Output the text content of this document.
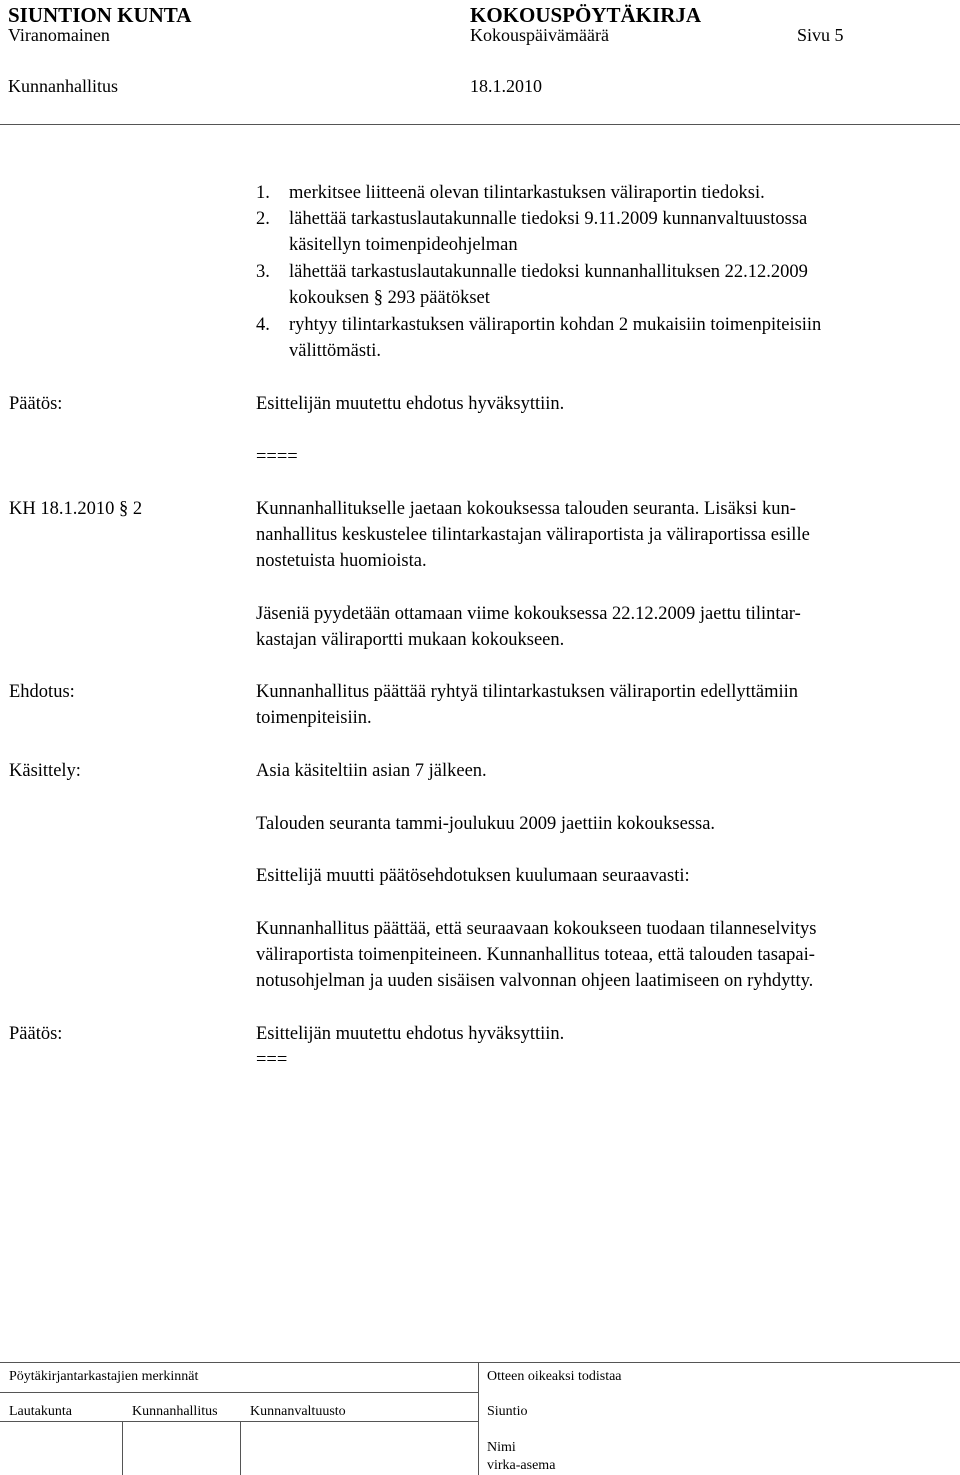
SIUNTION KUNTA	KOKOUSPÖYTÄKIRJA
Viranomainen	Kokouspäivämäärä	Sivu 5
Kunnanhallitus	18.1.2010
1. merkitsee liitteenä olevan tilintarkastuksen väliraportin tiedoksi.
2. lähettää tarkastuslautakunnalle tiedoksi 9.11.2009 kunnanvaltuustossa
käsitellyn toimenpideohjelman
3. lähettää tarkastuslautakunnalle tiedoksi kunnanhallituksen 22.12.2009
kokouksen § 293 päätökset
4. ryhtyy tilintarkastuksen väliraportin kohdan 2 mukaisiin toimenpiteisiin
välittömästi.
Päätös:	Esittelijän muutettu ehdotus hyväksyttiin.
====
KH 18.1.2010 § 2	Kunnanhallitukselle jaetaan kokouksessa talouden seuranta. Lisäksi kun-
nanhallitus keskustelee tilintarkastajan väliraportista ja väliraportissa esille
nostetuista huomioista.
Jäseniä pyydetään ottamaan viime kokouksessa 22.12.2009 jaettu tilintar-
kastajan väliraportti mukaan kokoukseen.
Ehdotus:	Kunnanhallitus päättää ryhtyä tilintarkastuksen väliraportin edellyttämiin
toimenpiteisiin.
Käsittely:	Asia käsiteltiin asian 7 jälkeen.
Talouden seuranta tammi-joulukuu 2009 jaettiin kokouksessa.
Esittelijä muutti päätösehdotuksen kuulumaan seuraavasti:
Kunnanhallitus päättää, että seuraavaan kokoukseen tuodaan tilanneselvitys
väliraportista toimenpiteineen. Kunnanhallitus toteaa, että talouden tasapai-
notusohjelman ja uuden sisäisen valvonnan ohjeen laatimiseen on ryhdytty.
Päätös:	Esittelijän muutettu ehdotus hyväksyttiin.
===
Pöytäkirjantarkastajien merkinnät	Otteen oikeaksi todistaa
Lautakunta	Kunnanhallitus Kunnanvaltuusto	Siuntio
Nimi
virka-asema
